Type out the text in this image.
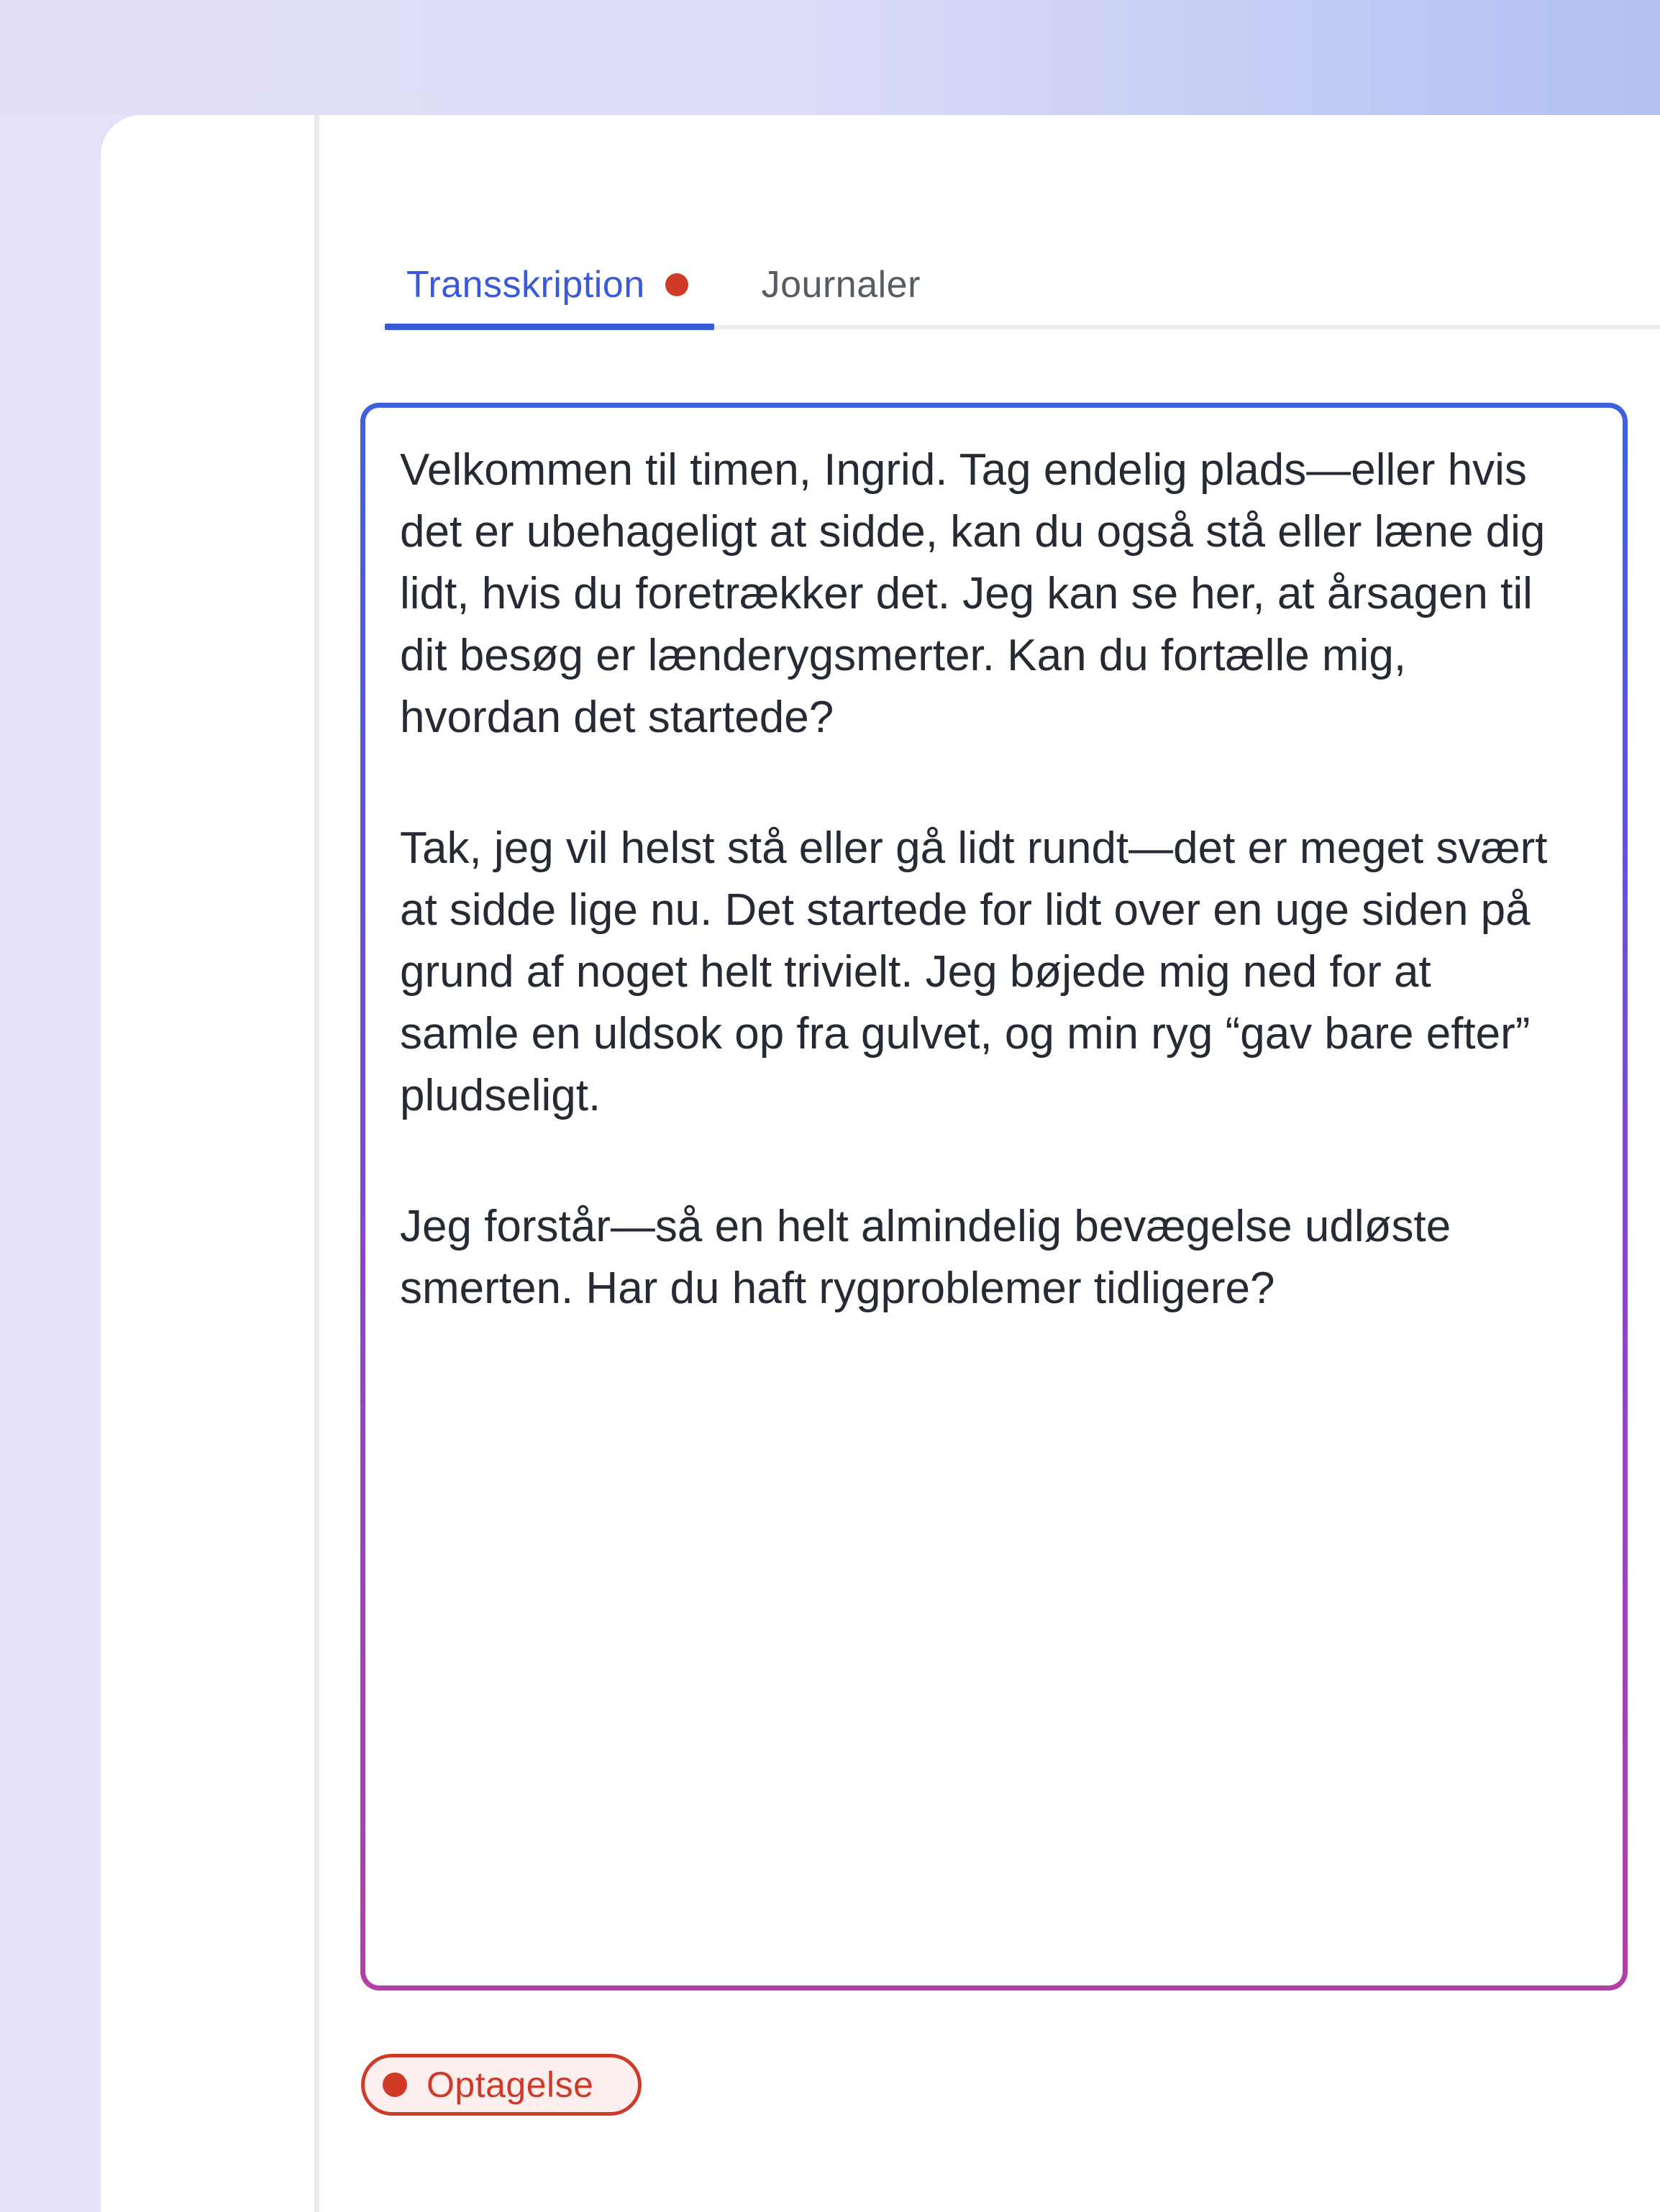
Transskription	Journaler
Velkommen til timen, Ingrid. Tag endelig plads—eller hvis
det er ubehageligt at sidde, kan du også stå eller læne dig
lidt, hvis du foretrækker det. Jeg kan se her, at årsagen til
dit besøg er lænderygsmerter. Kan du fortælle mig,
hvordan det startede?
Tak, jeg vil helst stå eller gå lidt rundt—det er meget svært
at sidde lige nu. Det startede for lidt over en uge siden på
grund af noget helt trivielt. Jeg bøjede mig ned for at
samle en uldsok op fra gulvet, og min ryg “gav bare efter”
pludseligt.
Jeg forstår—så en helt almindelig bevægelse udløste
smerten. Har du haft rygproblemer tidligere?
Optagelse
